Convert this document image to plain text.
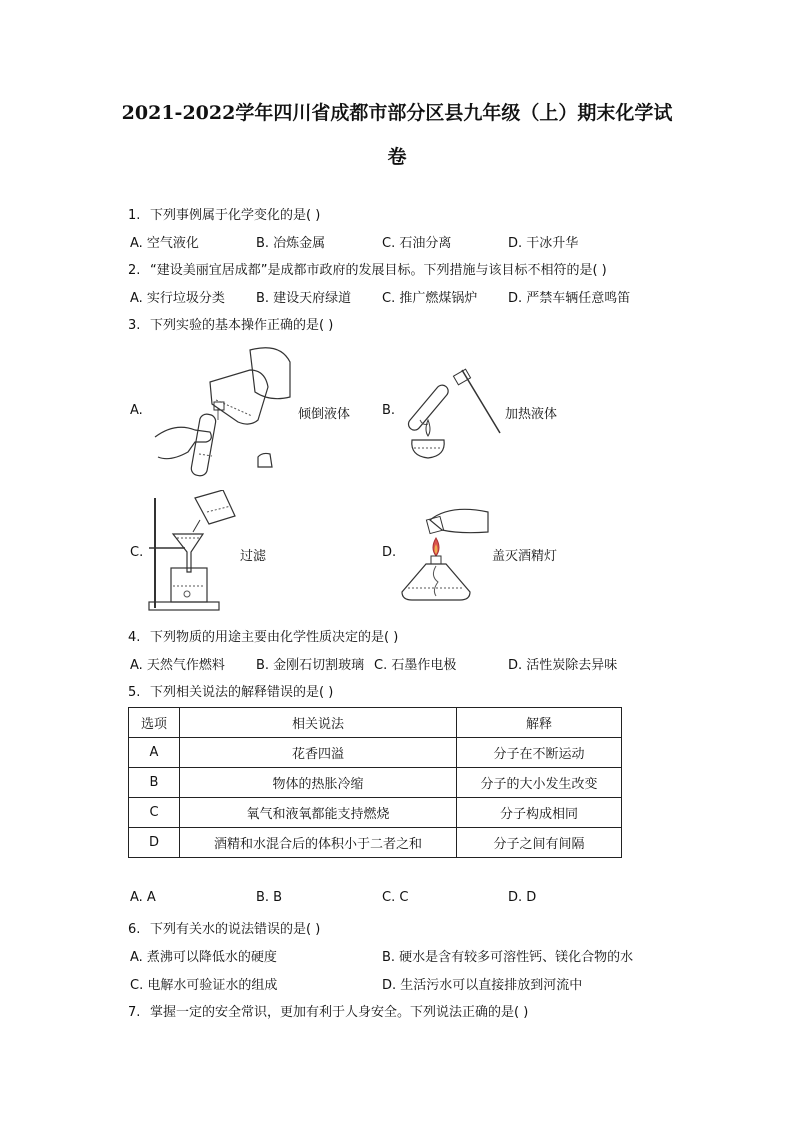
2021-2022学年四川省成都市部分区县九年级（上）期末化学试
卷
1. 下列事例属于化学变化的是( )
A. 空气液化	B. 冶炼金属	C. 石油分离	D. 干冰升华
2. “建设美丽宜居成都”是成都市政府的发展目标。下列措施与该目标不相符的是( )
A. 实行垃圾分类 B. 建设天府绿道 C. 推广燃煤锅炉 D. 严禁车辆任意鸣笛
3. 下列实验的基本操作正确的是( )
A.	倾倒液体 B.	加热液体
C.	过滤	D.	盖灭酒精灯
4. 下列物质的用途主要由化学性质决定的是( )
A. 天然气作燃料 B. 金刚石切割玻璃 C. 石墨作电极	D. 活性炭除去异味
5. 下列相关说法的解释错误的是( )
选项	相关说法	解释
A	花香四溢	分子在不断运动
B	物体的热胀冷缩	分子的大小发生改变
C	氧气和液氧都能支持燃烧	分子构成相同
D	酒精和水混合后的体积小于二者之和	分子之间有间隔
A. A	B. B	C. C	D. D
6. 下列有关水的说法错误的是( )
A. 煮沸可以降低水的硬度	B. 硬水是含有较多可溶性钙、镁化合物的水
C. 电解水可验证水的组成	D. 生活污水可以直接排放到河流中
7. 掌握一定的安全常识，更加有利于人身安全。下列说法正确的是( )
